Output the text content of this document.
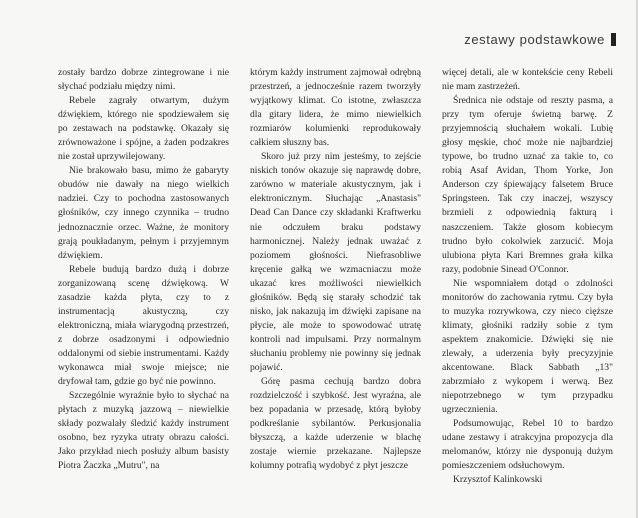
zestawy podstawkowe

zostały bardzo dobrze zintegrowane i nie słychać podziału między nimi.

Rebele zagrały otwartym, dużym dźwiękiem, którego nie spodziewałem się po zestawach na podstawkę. Okazały się zrównoważone i spójne, a żaden podzakres nie został uprzywilejowany.

Nie brakowało basu, mimo że gabaryty obudów nie dawały na niego wielkich nadziei. Czy to pochodna zastosowanych głośników, czy innego czynnika – trudno jednoznacznie orzec. Ważne, że monitory grają poukładanym, pełnym i przyjemnym dźwiękiem.

Rebele budują bardzo dużą i dobrze zorganizowaną scenę dźwiękową. W zasadzie każda płyta, czy to z instrumentacją akustyczną, czy elektroniczną, miała wiarygodną przestrzeń, z dobrze osadzonymi i odpowiednio oddalonymi od siebie instrumentami. Każdy wykonawca miał swoje miejsce; nie dryfował tam, gdzie go być nie powinno.

Szczególnie wyraźnie było to słychać na płytach z muzyką jazzową – niewielkie składy pozwalały śledzić każdy instrument osobno, bez ryzyka utraty obrazu całości. Jako przykład niech posłuży album basisty Piotra Żaczka „Mutru", na

którym każdy instrument zajmował odrębną przestrzeń, a jednocześnie razem tworzyły wyjątkowy klimat. Co istotne, zwłaszcza dla gitary lidera, że mimo niewielkich rozmiarów kolumienki reprodukowały całkiem słuszny bas.

Skoro już przy nim jesteśmy, to zejście niskich tonów okazuje się naprawdę dobre, zarówno w materiale akustycznym, jak i elektronicznym. Słuchając „Anastasis" Dead Can Dance czy składanki Kraftwerku nie odczułem braku podstawy harmonicznej. Należy jednak uważać z poziomem głośności. Niefrasobliwe kręcenie gałką we wzmacniaczu może ukazać kres możliwości niewielkich głośników. Będą się starały schodzić tak nisko, jak nakazują im dźwięki zapisane na płycie, ale może to spowodować utratę kontroli nad impulsami. Przy normalnym słuchaniu problemy nie powinny się jednak pojawić.

Górę pasma cechują bardzo dobra rozdzielczość i szybkość. Jest wyraźna, ale bez popadania w przesadę, którą byłoby podkreślanie sybilantów. Perkusjonalia błyszczą, a każde uderzenie w blachę zostaje wiernie przekazane. Najlepsze kolumny potrafią wydobyć z płyt jeszcze

więcej detali, ale w kontekście ceny Rebeli nie mam zastrzeżeń.

Średnica nie odstaje od reszty pasma, a przy tym oferuje świetną barwę. Z przyjemnością słuchałem wokali. Lubię głosy męskie, choć może nie najbardziej typowe, bo trudno uznać za takie to, co robią Asaf Avidan, Thom Yorke, Jon Anderson czy śpiewający falsetem Bruce Springsteen. Tak czy inaczej, wszyscy brzmieli z odpowiednią fakturą i naszczeniem. Także głosom kobiecym trudno było cokolwiek zarzucić. Moja ulubiona płyta Kari Bremnes grała kilka razy, podobnie Sinead O'Connor.

Nie wspomniałem dotąd o zdolności monitorów do zachowania rytmu. Czy była to muzyka rozrywkowa, czy nieco cięższe klimaty, głośniki radziły sobie z tym aspektem znakomicie. Dźwięki się nie zlewały, a uderzenia były precyzyjnie akcentowane. Black Sabbath „13" zabrzmiało z wykopem i werwą. Bez niepotrzebnego w tym przypadku ugrzecznienia.

Podsumowując, Rebel 10 to bardzo udane zestawy i atrakcyjna propozycja dla melomanów, którzy nie dysponują dużym pomieszczeniem odsłuchowym.

Krzysztof Kalinkowski
